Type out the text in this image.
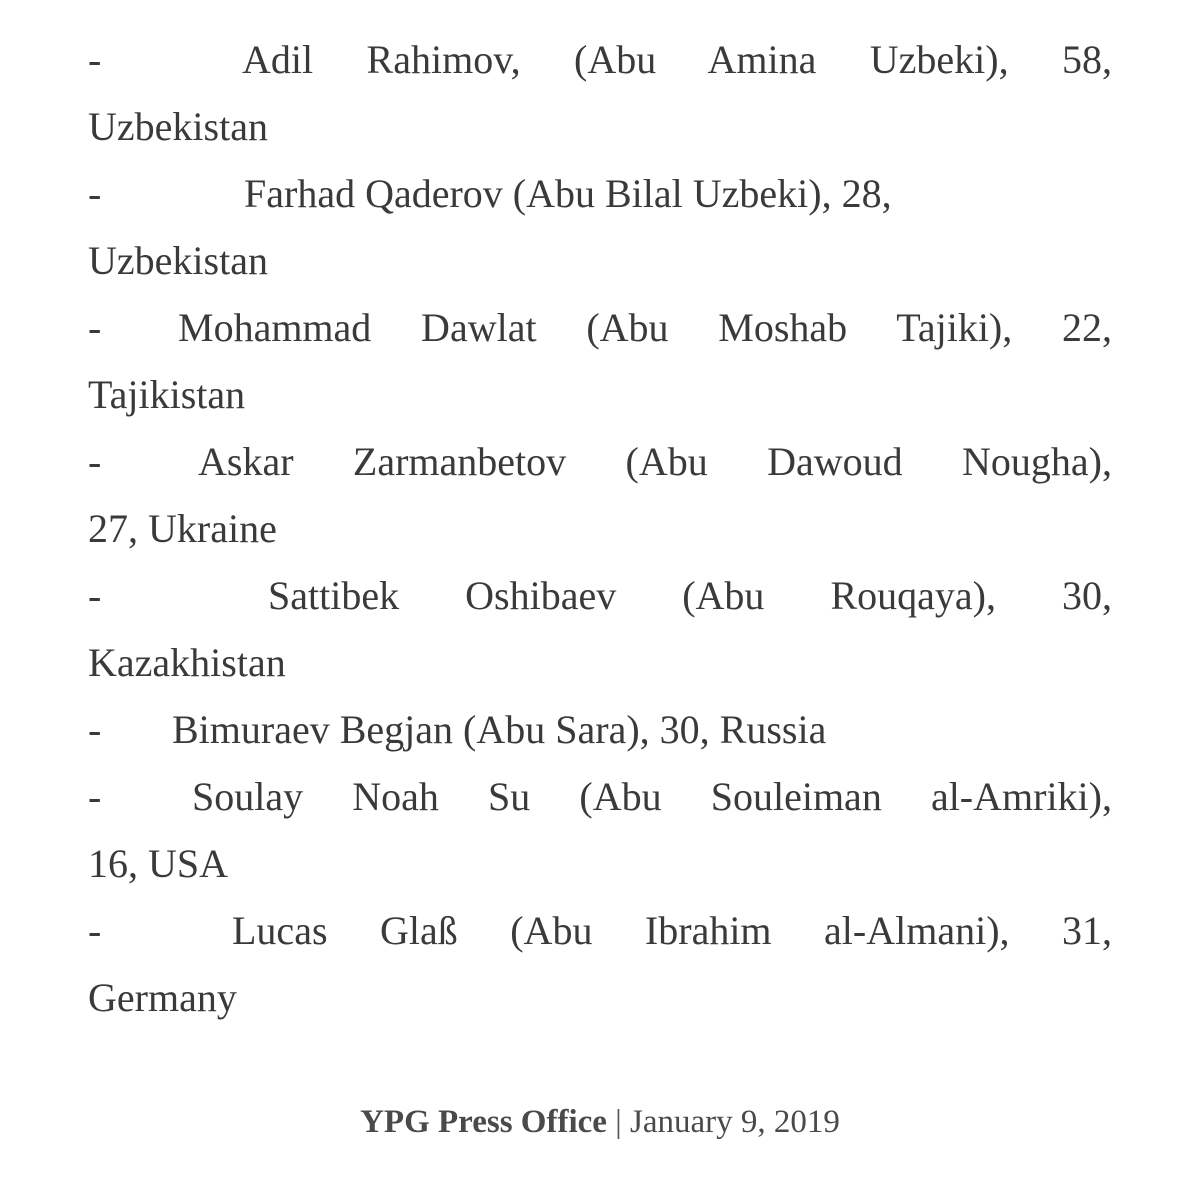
-	Adil Rahimov, (Abu Amina Uzbeki), 58,
Uzbekistan
-	Farhad Qaderov (Abu Bilal Uzbeki), 28,
Uzbekistan
- Mohammad Dawlat (Abu Moshab Tajiki), 22,
Tajikistan
- Askar Zarmanbetov (Abu Dawoud Nougha),
27, Ukraine
-	Sattibek Oshibaev (Abu Rouqaya), 30,
Kazakhistan
- Bimuraev Begjan (Abu Sara), 30, Russia
- Soulay Noah Su (Abu Souleiman al-Amriki),
16, USA
-	Lucas Glaß (Abu Ibrahim al-Almani), 31,
Germany
YPG Press Office | January 9, 2019
